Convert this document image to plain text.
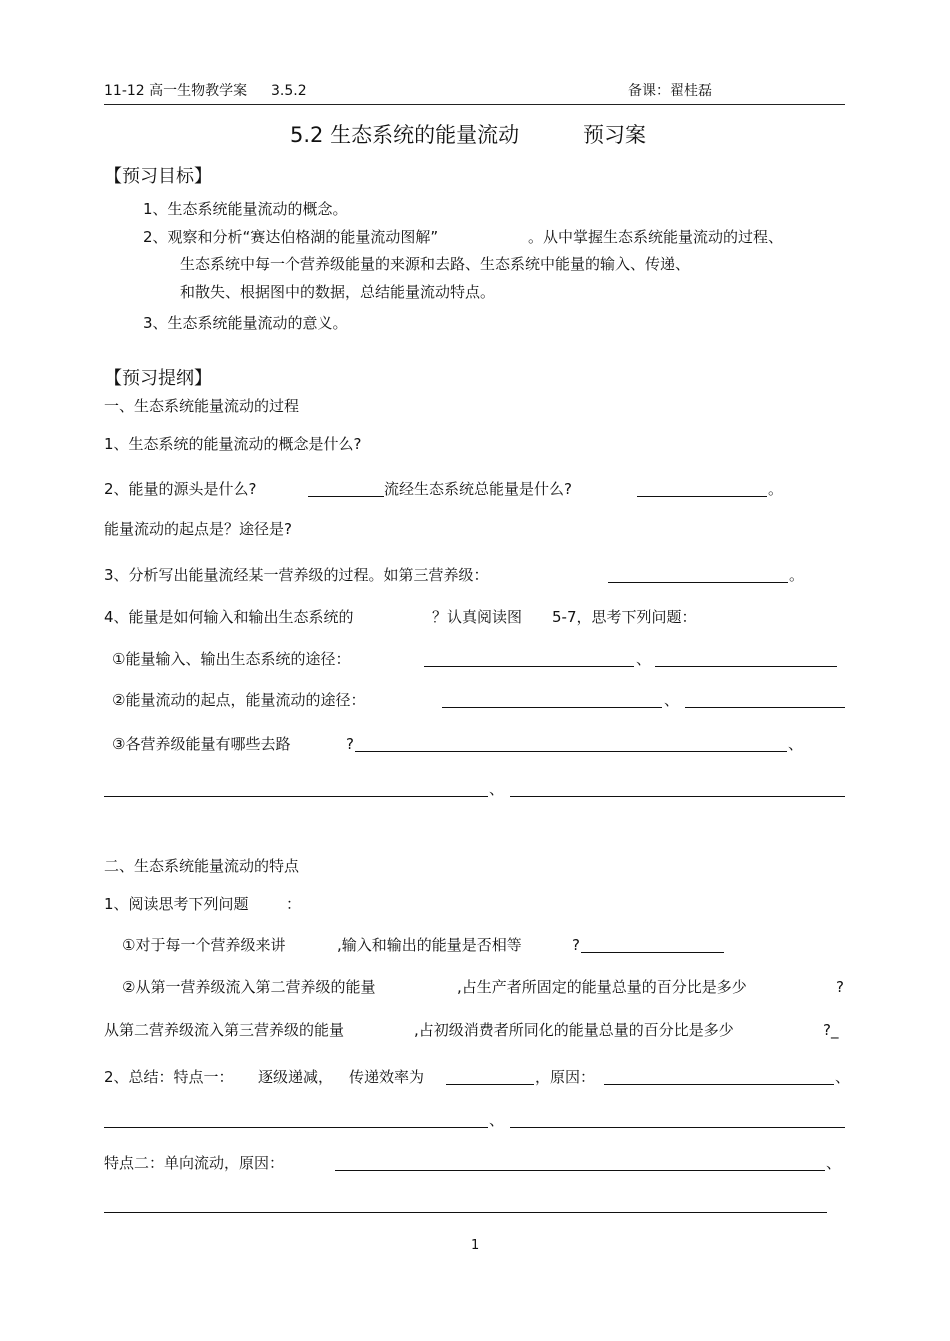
11-12 高一生物教学案 3.5.2	备课：翟桂磊
5.2 生态系统的能量流动	预习案
【预习目标】
1、生态系统能量流动的概念。
2、观察和分析“赛达伯格湖的能量流动图解”	。从中掌握生态系统能量流动的过程、
生态系统中每一个营养级能量的来源和去路、生态系统中能量的输入、传递、
和散失、根据图中的数据，总结能量流动特点。
3、生态系统能量流动的意义。
【预习提纲】
一、生态系统能量流动的过程
1、生态系统的能量流动的概念是什么?
2、能量的源头是什么?	流经生态系统总能量是什么?	。
能量流动的起点是？途径是?
3、分析写出能量流经某一营养级的过程。如第三营养级：	。
4、能量是如何输入和输出生态系统的	？认真阅读图 5-7，思考下列问题：
①能量输入、输出生态系统的途径：	、
②能量流动的起点，能量流动的途径：	、
③各营养级能量有哪些去路	?	、
、
二、生态系统能量流动的特点
1、阅读思考下列问题 ：
①对于每一个营养级来讲	,输入和输出的能量是否相等	?
②从第一营养级流入第二营养级的能量	,占生产者所固定的能量总量的百分比是多少	?
从第二营养级流入第三营养级的能量	,占初级消费者所同化的能量总量的百分比是多少	?_
2、总结：特点一： 逐级递减， 传递效率为	，原因：	、
、
特点二：单向流动，原因：	、
1
